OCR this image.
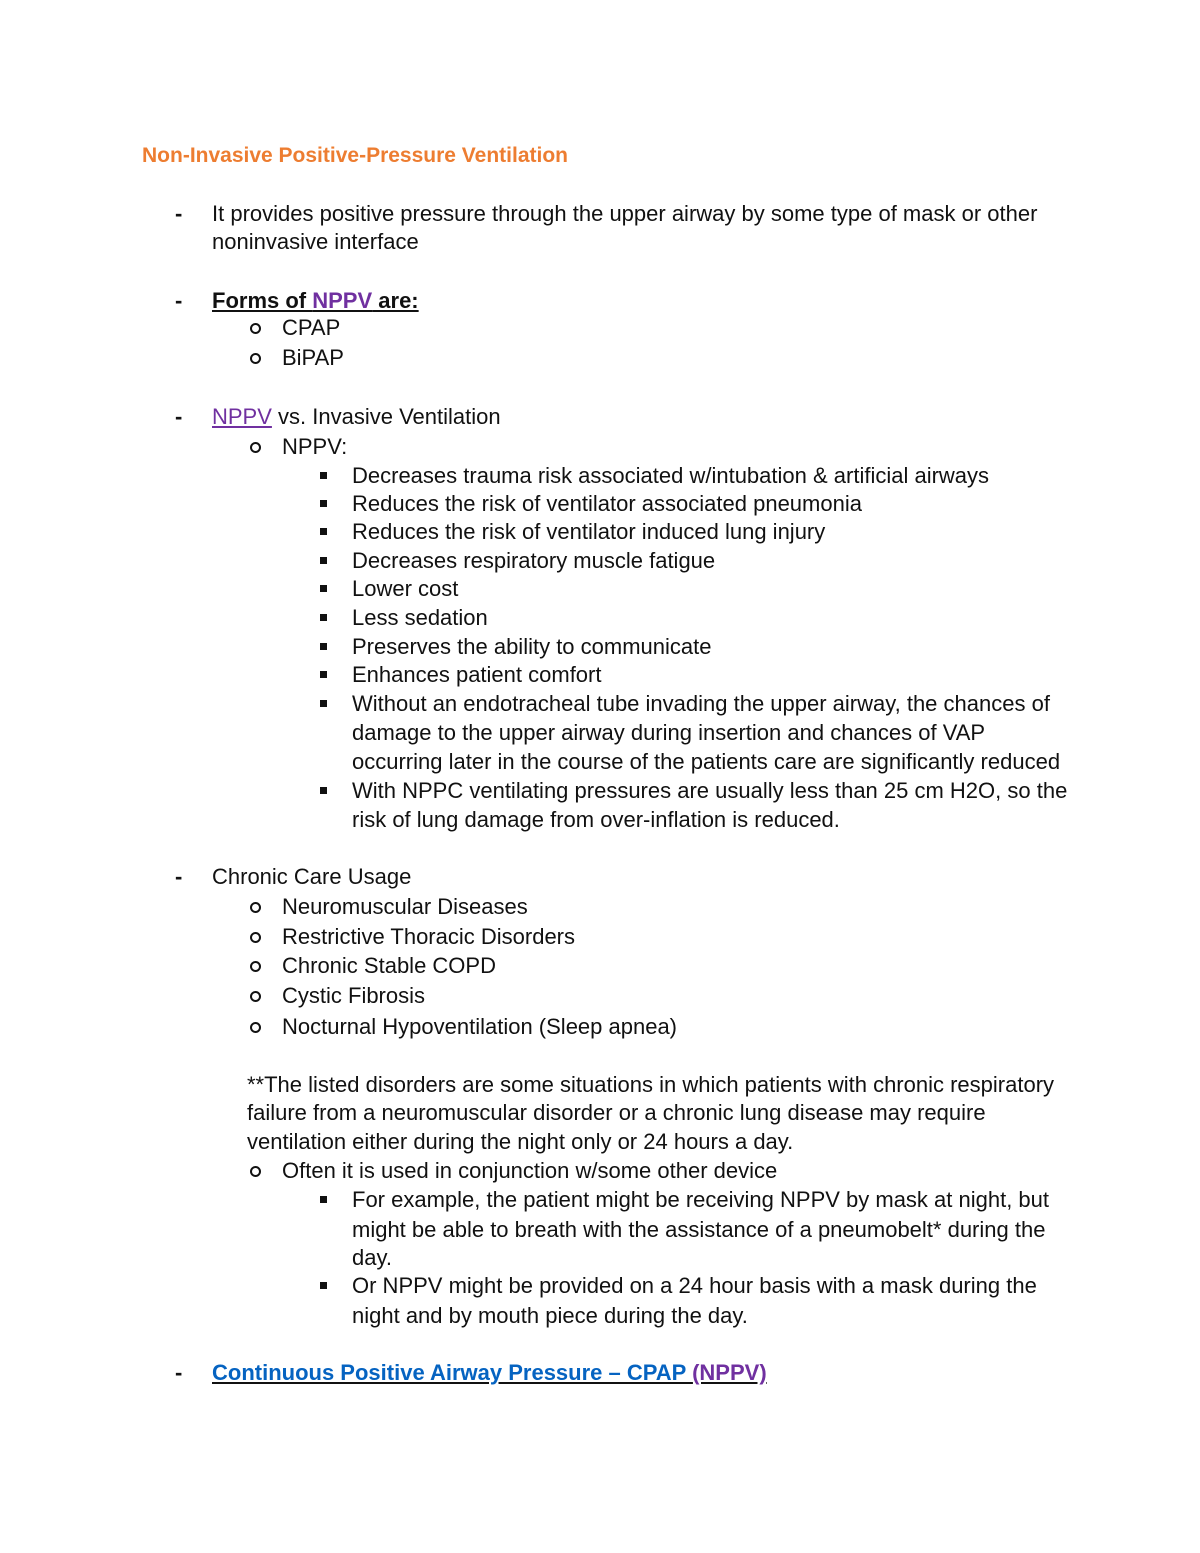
Non-Invasive Positive-Pressure Ventilation
- It provides positive pressure through the upper airway by some type of mask or other
noninvasive interface
- Forms of NPPV are:
CPAP
BiPAP
- NPPV vs. Invasive Ventilation
NPPV:
Decreases trauma risk associated w/intubation & artificial airways
Reduces the risk of ventilator associated pneumonia
Reduces the risk of ventilator induced lung injury
Decreases respiratory muscle fatigue
Lower cost
Less sedation
Preserves the ability to communicate
Enhances patient comfort
Without an endotracheal tube invading the upper airway, the chances of
damage to the upper airway during insertion and chances of VAP
occurring later in the course of the patients care are significantly reduced
With NPPC ventilating pressures are usually less than 25 cm H2O, so the
risk of lung damage from over-inflation is reduced.
- Chronic Care Usage
Neuromuscular Diseases
Restrictive Thoracic Disorders
Chronic Stable COPD
Cystic Fibrosis
Nocturnal Hypoventilation (Sleep apnea)
**The listed disorders are some situations in which patients with chronic respiratory
failure from a neuromuscular disorder or a chronic lung disease may require
ventilation either during the night only or 24 hours a day.
Often it is used in conjunction w/some other device
For example, the patient might be receiving NPPV by mask at night, but
might be able to breath with the assistance of a pneumobelt* during the
day.
Or NPPV might be provided on a 24 hour basis with a mask during the
night and by mouth piece during the day.
- Continuous Positive Airway Pressure – CPAP (NPPV)
